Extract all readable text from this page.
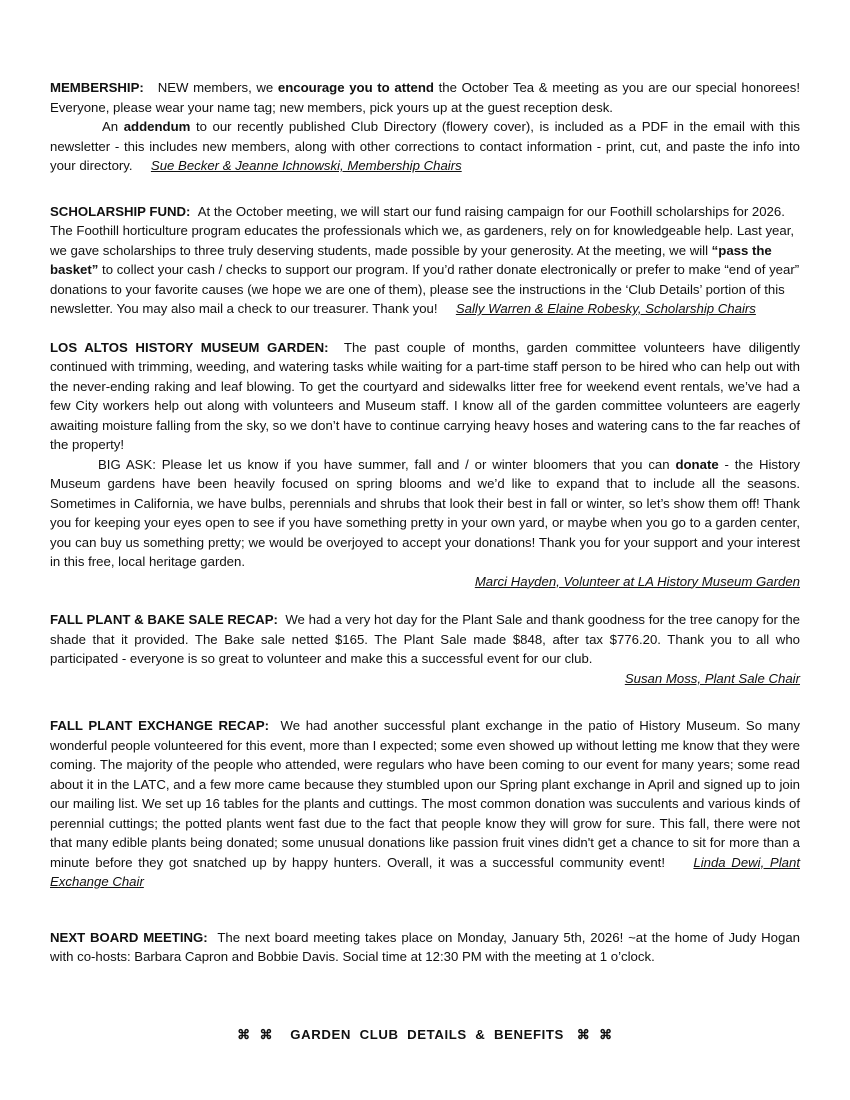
MEMBERSHIP: NEW members, we encourage you to attend the October Tea & meeting as you are our special honorees! Everyone, please wear your name tag; new members, pick yours up at the guest reception desk.

An addendum to our recently published Club Directory (flowery cover), is included as a PDF in the email with this newsletter - this includes new members, along with other corrections to contact information - print, cut, and paste the info into your directory. Sue Becker & Jeanne Ichnowski, Membership Chairs

SCHOLARSHIP FUND: At the October meeting, we will start our fund raising campaign for our Foothill scholarships for 2026. The Foothill horticulture program educates the professionals which we, as gardeners, rely on for knowledgeable help. Last year, we gave scholarships to three truly deserving students, made possible by your generosity. At the meeting, we will “pass the basket” to collect your cash / checks to support our program. If you’d rather donate electronically or prefer to make “end of year” donations to your favorite causes (we hope we are one of them), please see the instructions in the ‘Club Details’ portion of this newsletter. You may also mail a check to our treasurer. Thank you! Sally Warren & Elaine Robesky, Scholarship Chairs

LOS ALTOS HISTORY MUSEUM GARDEN: The past couple of months, garden committee volunteers have diligently continued with trimming, weeding, and watering tasks while waiting for a part-time staff person to be hired who can help out with the never-ending raking and leaf blowing. To get the courtyard and sidewalks litter free for weekend event rentals, we’ve had a few City workers help out along with volunteers and Museum staff. I know all of the garden committee volunteers are eagerly awaiting moisture falling from the sky, so we don’t have to continue carrying heavy hoses and watering cans to the far reaches of the property!

BIG ASK: Please let us know if you have summer, fall and / or winter bloomers that you can donate - the History Museum gardens have been heavily focused on spring blooms and we’d like to expand that to include all the seasons. Sometimes in California, we have bulbs, perennials and shrubs that look their best in fall or winter, so let’s show them off! Thank you for keeping your eyes open to see if you have something pretty in your own yard, or maybe when you go to a garden center, you can buy us something pretty; we would be overjoyed to accept your donations! Thank you for your support and your interest in this free, local heritage garden.

Marci Hayden, Volunteer at LA History Museum Garden

FALL PLANT & BAKE SALE RECAP: We had a very hot day for the Plant Sale and thank goodness for the tree canopy for the shade that it provided. The Bake sale netted $165. The Plant Sale made $848, after tax $776.20. Thank you to all who participated - everyone is so great to volunteer and make this a successful event for our club.

Susan Moss, Plant Sale Chair

FALL PLANT EXCHANGE RECAP: We had another successful plant exchange in the patio of History Museum. So many wonderful people volunteered for this event, more than I expected; some even showed up without letting me know that they were coming. The majority of the people who attended, were regulars who have been coming to our event for many years; some read about it in the LATC, and a few more came because they stumbled upon our Spring plant exchange in April and signed up to join our mailing list. We set up 16 tables for the plants and cuttings. The most common donation was succulents and various kinds of perennial cuttings; the potted plants went fast due to the fact that people know they will grow for sure. This fall, there were not that many edible plants being donated; some unusual donations like passion fruit vines didn't get a chance to sit for more than a minute before they got snatched up by happy hunters. Overall, it was a successful community event! Linda Dewi, Plant Exchange Chair

NEXT BOARD MEETING: The next board meeting takes place on Monday, January 5th, 2026! ~at the home of Judy Hogan with co-hosts: Barbara Capron and Bobbie Davis. Social time at 12:30 PM with the meeting at 1 o’clock.

⌘  ⌘ GARDEN  CLUB  DETAILS  &  BENEFITS ⌘  ⌘
